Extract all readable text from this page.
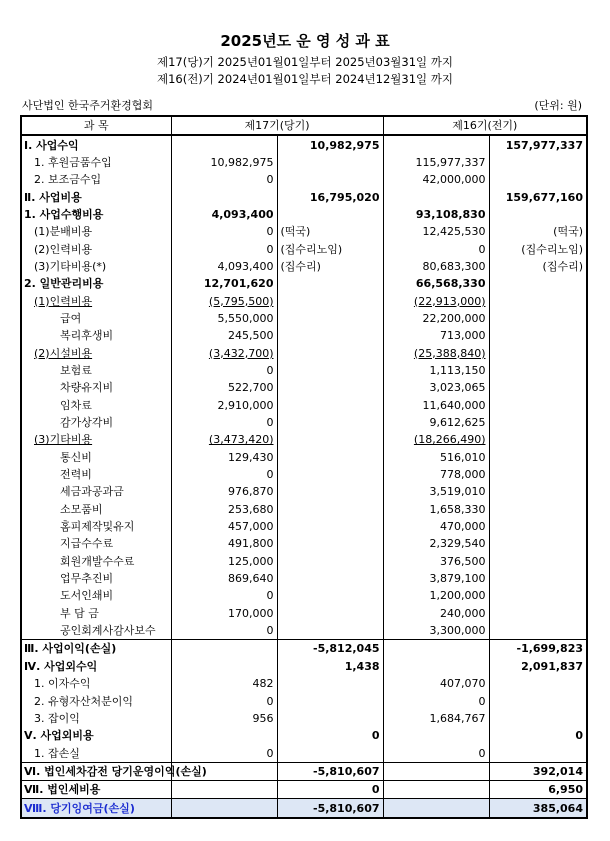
2025년도 운 영 성 과 표
제17(당)기 2025년01월01일부터 2025년03월31일 까지
제16(전)기 2024년01월01일부터 2024년12월31일 까지
사단법인 한국주거환경협회	(단위: 원)
과 목	제17기(당기)		제16기(전기)	
Ⅰ. 사업수익		10,982,975		157,977,337
1. 후원금품수입	10,982,975		115,977,337	
2. 보조금수입	0		42,000,000	
Ⅱ. 사업비용		16,795,020		159,677,160
1. 사업수행비용	4,093,400		93,108,830	
(1)분배비용	0	(떡국)	12,425,530	(떡국)
(2)인력비용	0	(집수리노임)	0	(집수리노임)
(3)기타비용(*)	4,093,400	(집수리)	80,683,300	(집수리)
2. 일반관리비용	12,701,620		66,568,330	
(1)인력비용	(5,795,500)		(22,913,000)	
급여	5,550,000		22,200,000	
복리후생비	245,500		713,000	
(2)시설비용	(3,432,700)		(25,388,840)	
보험료	0		1,113,150	
차량유지비	522,700		3,023,065	
임차료	2,910,000		11,640,000	
감가상각비	0		9,612,625	
(3)기타비용	(3,473,420)		(18,266,490)	
통신비	129,430		516,010	
전력비	0		778,000	
세금과공과금	976,870		3,519,010	
소모품비	253,680		1,658,330	
홈피제작및유지	457,000		470,000	
지급수수료	491,800		2,329,540	
회원개발수수료	125,000		376,500	
업무추진비	869,640		3,879,100	
도서인쇄비	0		1,200,000	
부 담 금	170,000		240,000	
공인회계사감사보수	0		3,300,000	
Ⅲ. 사업이익(손실)		-5,812,045		-1,699,823
Ⅳ. 사업외수익		1,438		2,091,837
1. 이자수익	482		407,070	
2. 유형자산처분이익	0		0	
3. 잡이익	956		1,684,767	
Ⅴ. 사업외비용		0		0
1. 잡손실	0		0	
Ⅵ. 법인세차감전 당기운영이익(손실)		-5,810,607		392,014
Ⅶ. 법인세비용		0		6,950
Ⅷ. 당기잉여금(손실)		-5,810,607		385,064
